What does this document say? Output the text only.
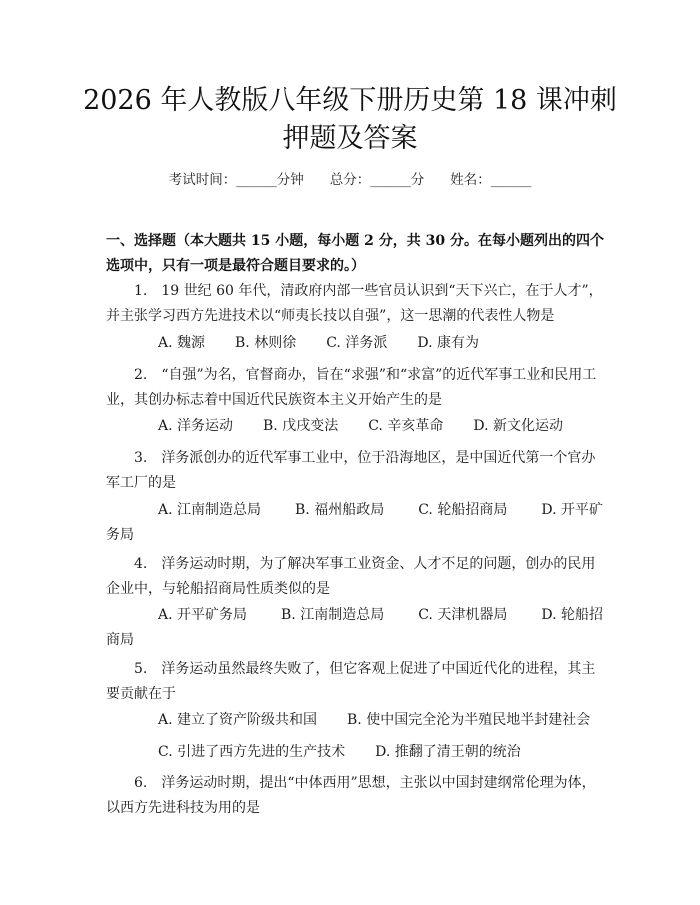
2026 年人教版八年级下册历史第 18 课冲刺
押题及答案
考试时间：______分钟 总分：______分 姓名：______
一、选择题（本大题共 15 小题，每小题 2 分，共 30 分。在每小题列出的四个选项中，只有一项是最符合题目要求的。）
1.　19 世纪 60 年代，清政府内部一些官员认识到“天下兴亡，在于人才”，并主张学习西方先进技术以“师夷长技以自强”，这一思潮的代表性人物是
A. 魏源 B. 林则徐 C. 洋务派 D. 康有为
2.　“自强”为名，官督商办，旨在“求强”和“求富”的近代军事工业和民用工业，其创办标志着中国近代民族资本主义开始产生的是
A. 洋务运动 B. 戊戌变法 C. 辛亥革命 D. 新文化运动
3.　洋务派创办的近代军事工业中，位于沿海地区，是中国近代第一个官办军工厂的是
A. 江南制造总局 B. 福州船政局 C. 轮船招商局 D. 开平矿务局
4.　洋务运动时期，为了解决军事工业资金、人才不足的问题，创办的民用企业中，与轮船招商局性质类似的是
A. 开平矿务局 B. 江南制造总局 C. 天津机器局 D. 轮船招商局
5.　洋务运动虽然最终失败了，但它客观上促进了中国近代化的进程，其主要贡献在于
A. 建立了资产阶级共和国 B. 使中国完全沦为半殖民地半封建社会
C. 引进了西方先进的生产技术 D. 推翻了清王朝的统治
6.　洋务运动时期，提出“中体西用”思想，主张以中国封建纲常伦理为体，以西方先进科技为用的是
